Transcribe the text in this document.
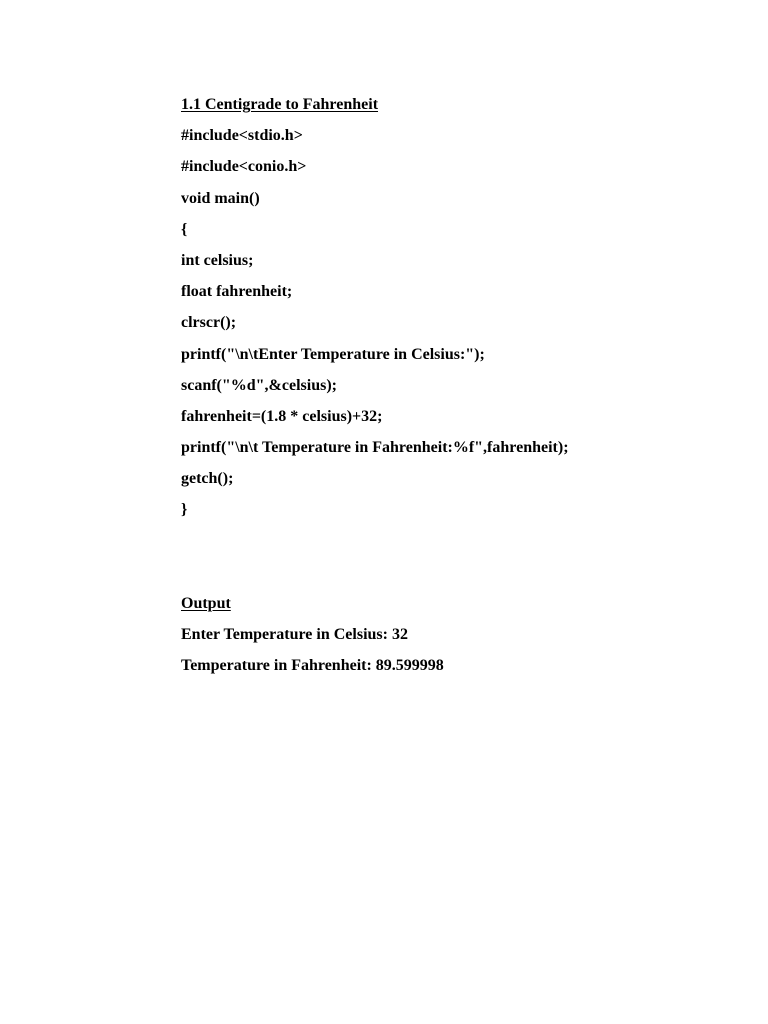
1.1 Centigrade to Fahrenheit
#include<stdio.h>
#include<conio.h>
void main()
{
int celsius;
float fahrenheit;
clrscr();
printf("\n\tEnter Temperature in Celsius:");
scanf("%d",&celsius);
fahrenheit=(1.8 * celsius)+32;
printf("\n\t Temperature in Fahrenheit:%f",fahrenheit);
getch();
}
Output
Enter Temperature in Celsius: 32
Temperature in Fahrenheit: 89.599998
